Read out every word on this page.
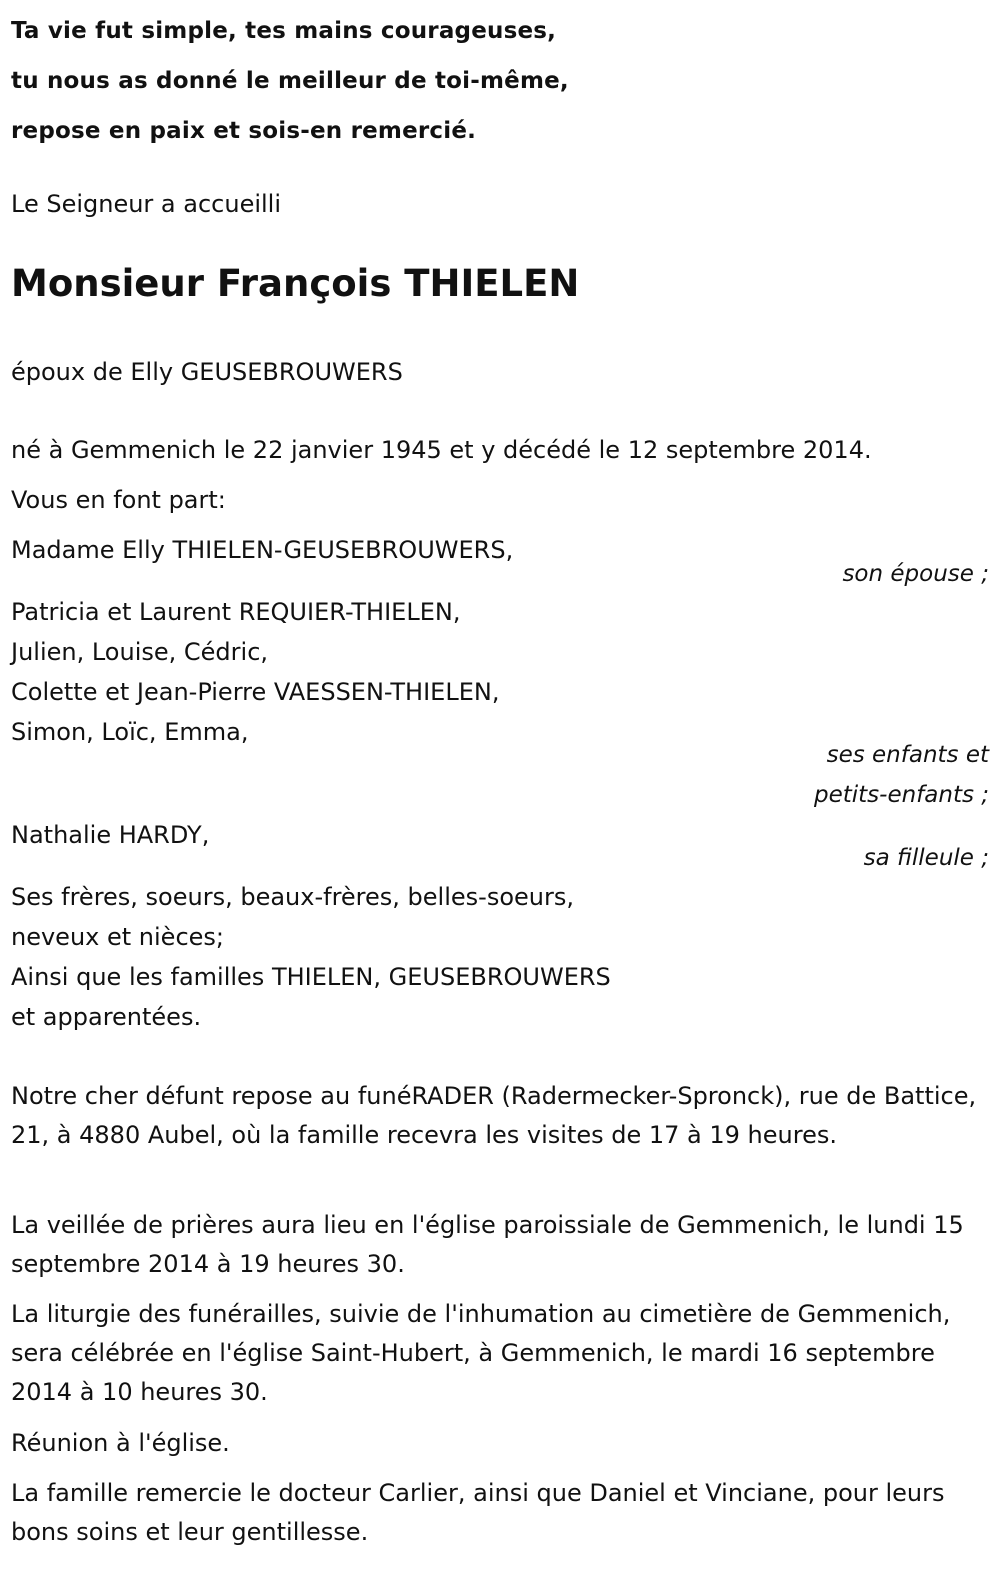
Ta vie fut simple, tes mains courageuses,
tu nous as donné le meilleur de toi-même,
repose en paix et sois-en remercié.
Le Seigneur a accueilli
Monsieur François THIELEN
époux de Elly GEUSEBROUWERS
né à Gemmenich le 22 janvier 1945 et y décédé le 12 septembre 2014.
Vous en font part:
Madame Elly THIELEN-GEUSEBROUWERS,
son épouse ;
Patricia et Laurent REQUIER-THIELEN,
Julien, Louise, Cédric,
Colette et Jean-Pierre VAESSEN-THIELEN,
Simon, Loïc, Emma,
ses enfants et
petits-enfants ;
Nathalie HARDY,
sa filleule ;
Ses frères, soeurs, beaux-frères, belles-soeurs,
neveux et nièces;
Ainsi que les familles THIELEN, GEUSEBROUWERS
et apparentées.
Notre cher défunt repose au funéRADER (Radermecker-Spronck), rue de Battice, 21, à 4880 Aubel, où la famille recevra les visites de 17 à 19 heures.
La veillée de prières aura lieu en l'église paroissiale de Gemmenich, le lundi 15 septembre 2014 à 19 heures 30.
La liturgie des funérailles, suivie de l'inhumation au cimetière de Gemmenich, sera célébrée en l'église Saint-Hubert, à Gemmenich, le mardi 16 septembre 2014 à 10 heures 30.
Réunion à l'église.
La famille remercie le docteur Carlier, ainsi que Daniel et Vinciane, pour leurs bons soins et leur gentillesse.
